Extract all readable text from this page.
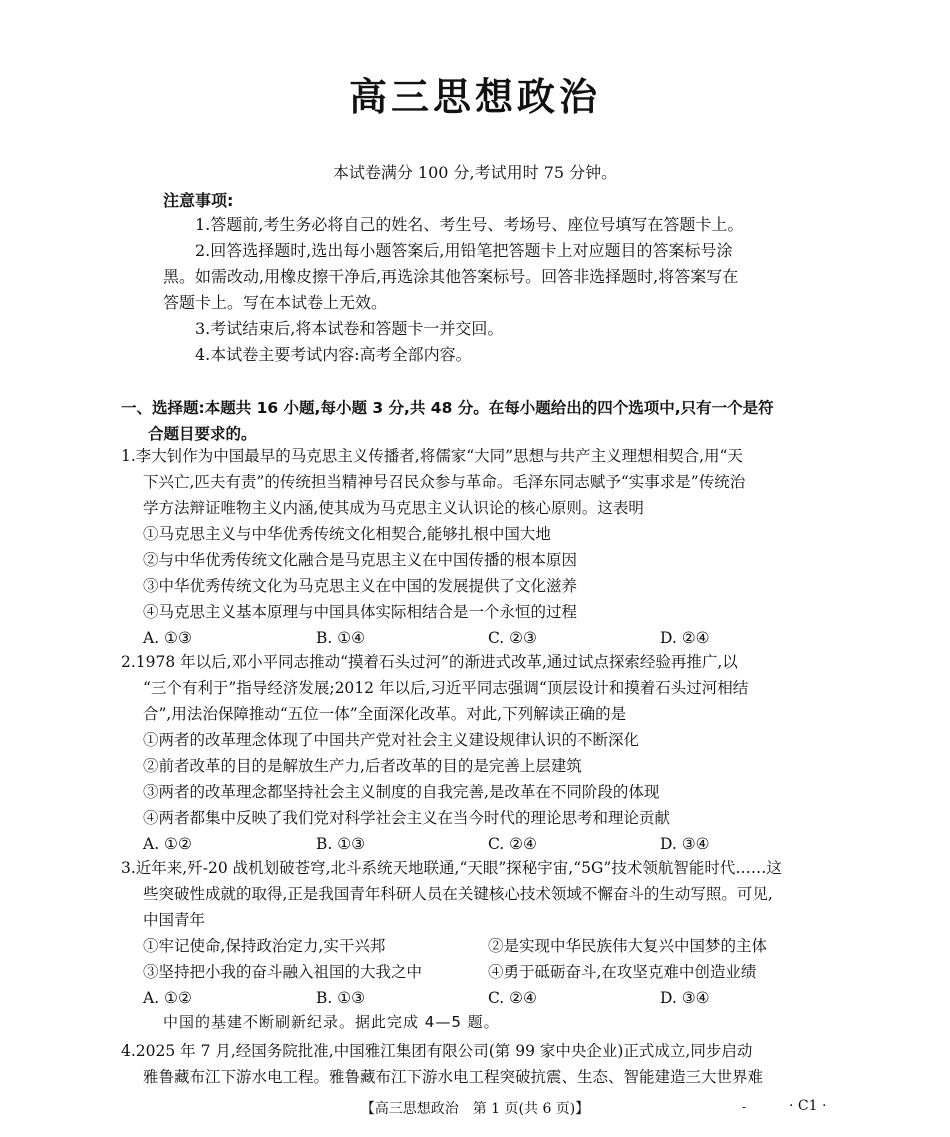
高三思想政治
本试卷满分 100 分,考试用时 75 分钟。
注意事项:
1.答题前,考生务必将自己的姓名、考生号、考场号、座位号填写在答题卡上。
2.回答选择题时,选出每小题答案后,用铅笔把答题卡上对应题目的答案标号涂
黑。如需改动,用橡皮擦干净后,再选涂其他答案标号。回答非选择题时,将答案写在
答题卡上。写在本试卷上无效。
3.考试结束后,将本试卷和答题卡一并交回。
4.本试卷主要考试内容:高考全部内容。
一、选择题:本题共 16 小题,每小题 3 分,共 48 分。在每小题给出的四个选项中,只有一个是符
合题目要求的。
1.李大钊作为中国最早的马克思主义传播者,将儒家“大同”思想与共产主义理想相契合,用“天
下兴亡,匹夫有责”的传统担当精神号召民众参与革命。毛泽东同志赋予“实事求是”传统治
学方法辩证唯物主义内涵,使其成为马克思主义认识论的核心原则。这表明
①马克思主义与中华优秀传统文化相契合,能够扎根中国大地
②与中华优秀传统文化融合是马克思主义在中国传播的根本原因
③中华优秀传统文化为马克思主义在中国的发展提供了文化滋养
④马克思主义基本原理与中国具体实际相结合是一个永恒的过程
A. ①③	B. ①④	C. ②③	D. ②④
2.1978 年以后,邓小平同志推动“摸着石头过河”的渐进式改革,通过试点探索经验再推广,以
“三个有利于”指导经济发展;2012 年以后,习近平同志强调“顶层设计和摸着石头过河相结
合”,用法治保障推动“五位一体”全面深化改革。对此,下列解读正确的是
①两者的改革理念体现了中国共产党对社会主义建设规律认识的不断深化
②前者改革的目的是解放生产力,后者改革的目的是完善上层建筑
③两者的改革理念都坚持社会主义制度的自我完善,是改革在不同阶段的体现
④两者都集中反映了我们党对科学社会主义在当今时代的理论思考和理论贡献
A. ①②	B. ①③	C. ②④	D. ③④
3.近年来,歼-20 战机划破苍穹,北斗系统天地联通,“天眼”探秘宇宙,“5G”技术领航智能时代……这
些突破性成就的取得,正是我国青年科研人员在关键核心技术领域不懈奋斗的生动写照。可见,
中国青年
①牢记使命,保持政治定力,实干兴邦	②是实现中华民族伟大复兴中国梦的主体
③坚持把小我的奋斗融入祖国的大我之中	④勇于砥砺奋斗,在攻坚克难中创造业绩
A. ①②	B. ①③	C. ②④	D. ③④
中国的基建不断刷新纪录。据此完成 4—5 题。
4.2025 年 7 月,经国务院批准,中国雅江集团有限公司(第 99 家中央企业)正式成立,同步启动
雅鲁藏布江下游水电工程。雅鲁藏布江下游水电工程突破抗震、生态、智能建造三大世界难
【高三思想政治　第 1 页(共 6 页)】	-	· C1 ·
